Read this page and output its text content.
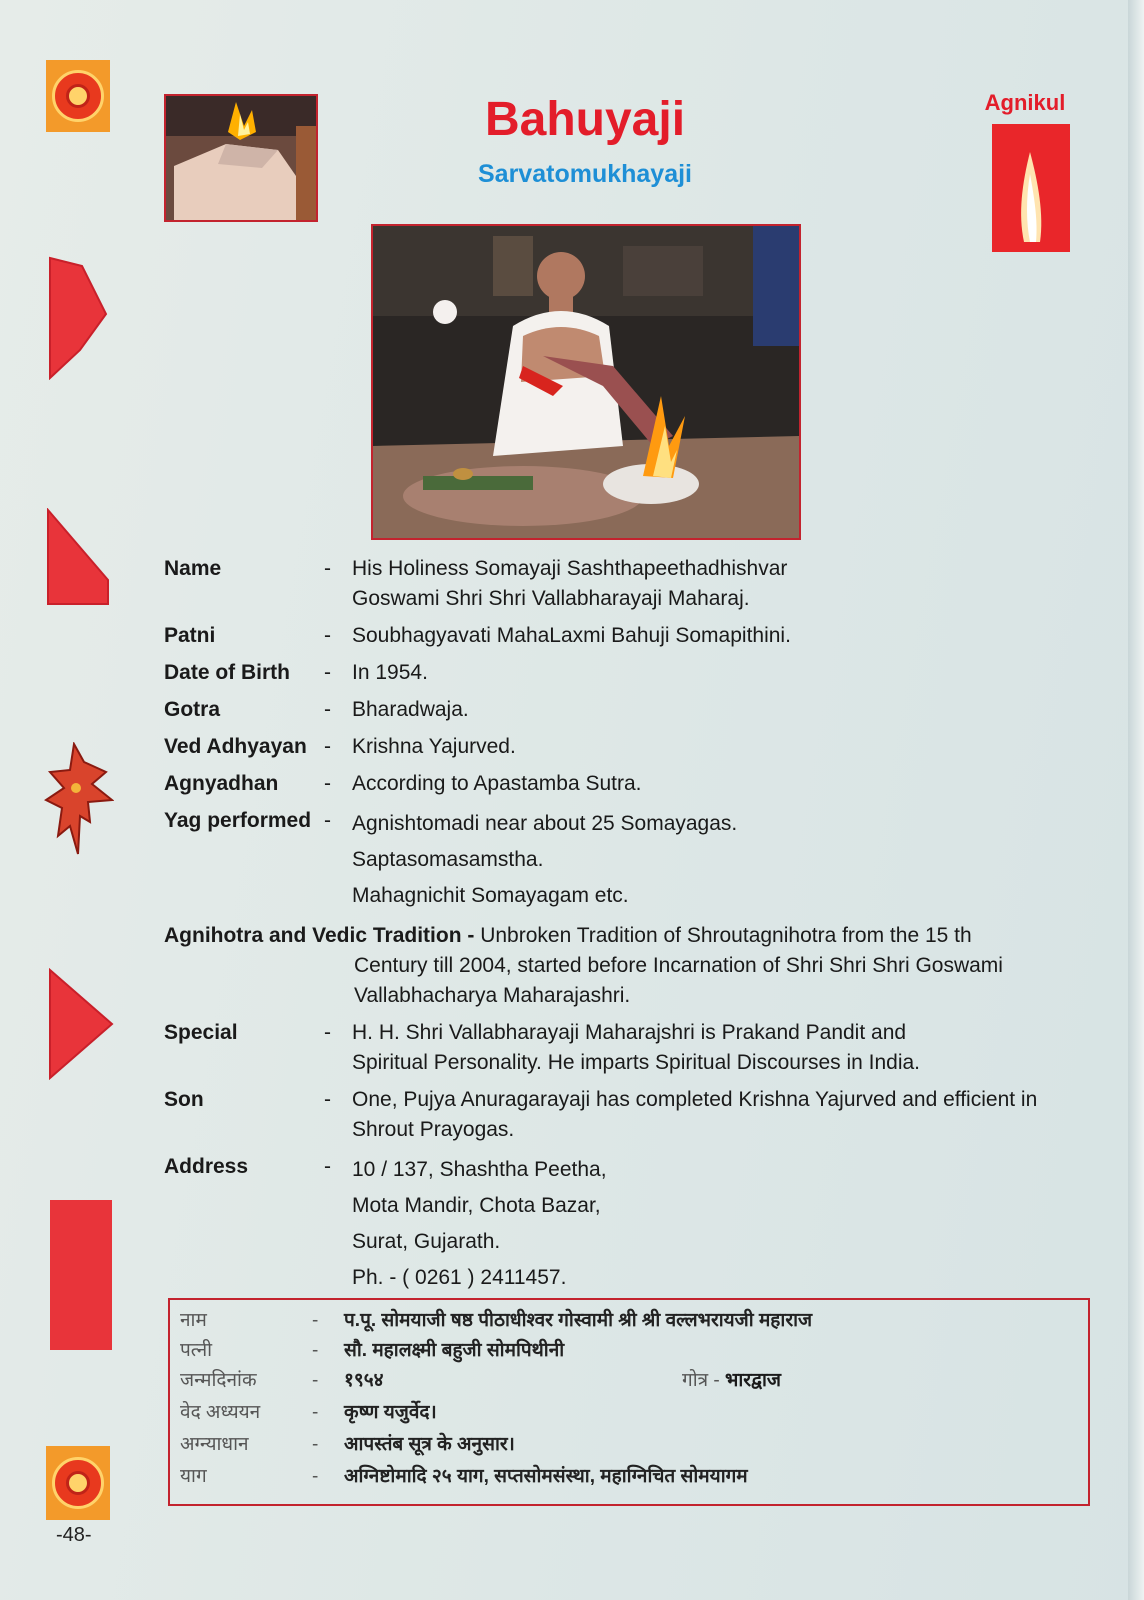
Bahuyaji
Sarvatomukhayaji
Agnikul
Name	-	His Holiness Somayaji Sashthapeethadhishvar
Goswami Shri Shri Vallabharayaji Maharaj.
Patni	-	Soubhagyavati MahaLaxmi Bahuji Somapithini.
Date of Birth	-	In 1954.
Gotra	-	Bharadwaja.
Ved Adhyayan -	Krishna Yajurved.
Agnyadhan	-	According to Apastamba Sutra.
Yag performed -	Agnishtomadi near about 25 Somayagas.
Saptasomasamstha.
Mahagnichit Somayagam etc.
Agnihotra and Vedic Tradition - Unbroken Tradition of Shroutagnihotra from the 15 th
Century till 2004, started before Incarnation of Shri Shri Shri Goswami
Vallabhacharya Maharajashri.
Special	-	H. H. Shri Vallabharayaji Maharajshri is Prakand Pandit and
Spiritual Personality. He imparts Spiritual Discourses in India.
Son	-	One, Pujya Anuragarayaji has completed Krishna Yajurved and efficient in
Shrout Prayogas.
Address	-	10 / 137, Shashtha Peetha,
Mota Mandir, Chota Bazar,
Surat, Gujarath.
Ph. - ( 0261 ) 2411457.
नाम	-	प.पू. सोमयाजी षष्ठ पीठाधीश्वर गोस्वामी श्री श्री वल्लभरायजी महाराज
पत्नी	-	सौ. महालक्ष्मी बहुजी सोमपिथीनी
जन्मदिनांक	-	१९५४	गोत्र - भारद्वाज
वेद अध्ययन	-	कृष्ण यजुर्वेद।
अग्न्याधान	-	आपस्तंब सूत्र के अनुसार।
याग	-	अग्निष्टोमादि २५ याग, सप्तसोमसंस्था, महाग्निचित सोमयागम
-48-
